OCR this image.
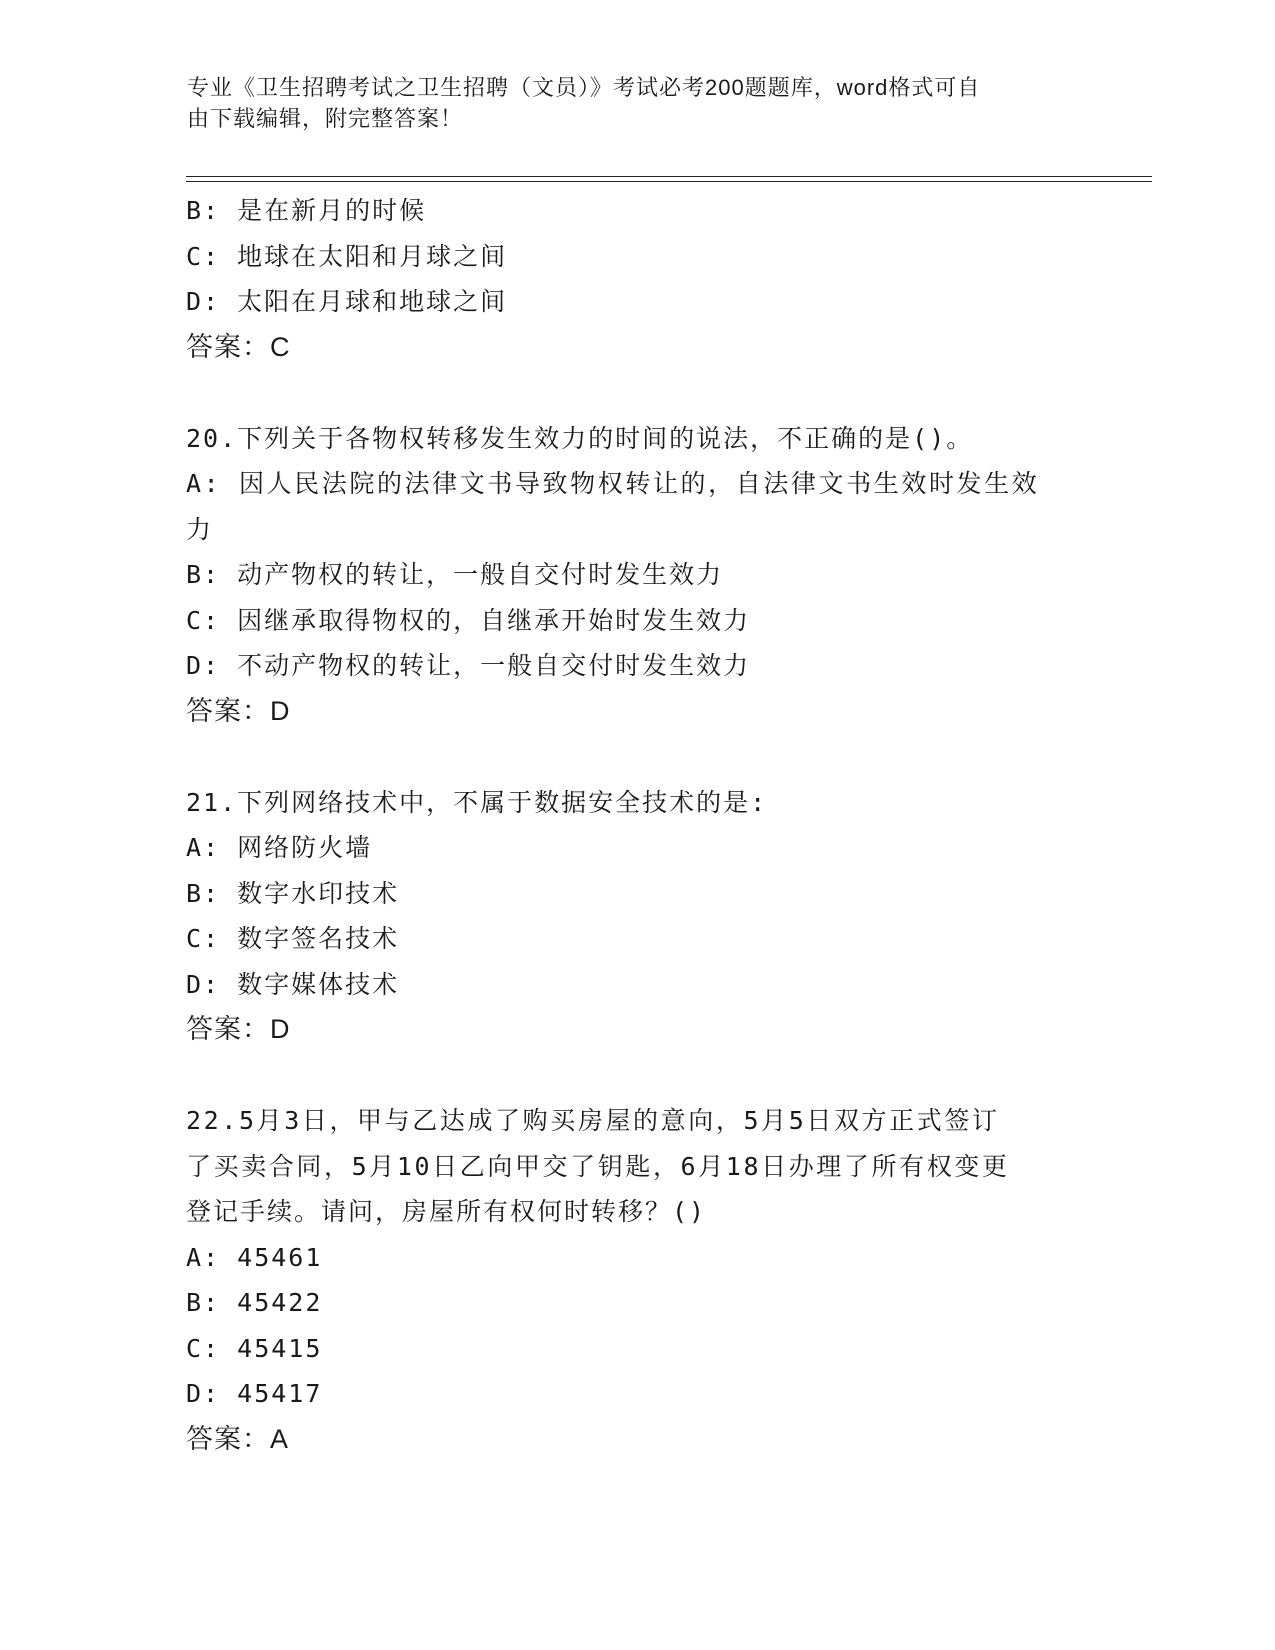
专业《卫生招聘考试之卫生招聘（文员）》考试必考200题题库，word格式可自
由下载编辑，附完整答案！
B: 是在新月的时候
C: 地球在太阳和月球之间
D: 太阳在月球和地球之间
答案：C
20.下列关于各物权转移发生效力的时间的说法，不正确的是()。
A: 因人民法院的法律文书导致物权转让的，自法律文书生效时发生效
力
B: 动产物权的转让，一般自交付时发生效力
C: 因继承取得物权的，自继承开始时发生效力
D: 不动产物权的转让，一般自交付时发生效力
答案：D
21.下列网络技术中，不属于数据安全技术的是:
A: 网络防火墙
B: 数字水印技术
C: 数字签名技术
D: 数字媒体技术
答案：D
22.5月3日，甲与乙达成了购买房屋的意向，5月5日双方正式签订
了买卖合同，5月10日乙向甲交了钥匙，6月18日办理了所有权变更
登记手续。请问，房屋所有权何时转移？()
A: 45461
B: 45422
C: 45415
D: 45417
答案：A
